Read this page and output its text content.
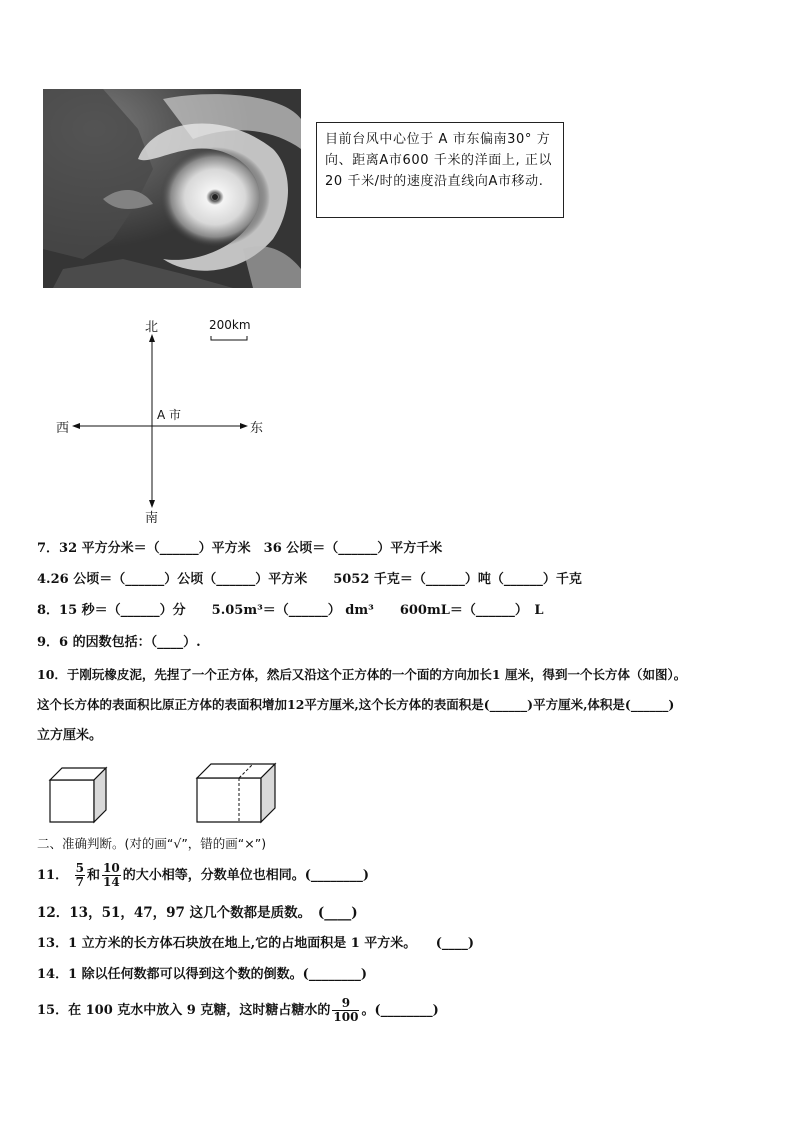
目前台风中心位于 A 市东偏南30° 方向、距离A市600 千米的洋面上, 正以 20 千米/时的速度沿直线向A市移动.
北
南
西	东
A 市
200km
7．32 平方分米＝（______）平方米　36 公顷＝（______）平方千米
4.26 公顷＝（______）公顷（______）平方米　　5052 千克＝（______）吨（______）千克
8．15 秒＝（______）分　　5.05m³＝（______） dm³　　600mL＝（______）　L
9．6 的因数包括：（____）.
10．于刚玩橡皮泥，先捏了一个正方体，然后又沿这个正方体的一个面的方向加长1 厘米，得到一个长方体（如图）。
这个长方体的表面积比原正方体的表面积增加12平方厘米,这个长方体的表面积是(______)平方厘米,体积是(______)
立方厘米。
二、准确判断。(对的画“√”，错的画“×”)
11． $\frac{5}{7}$ 和 $\frac{10}{14}$ 的大小相等，分数单位也相同。(________)
12．13，51，47，97 这几个数都是质数。　(____)
13．1 立方米的长方体石块放在地上,它的占地面积是 1 平方米。　　(____)
14．1 除以任何数都可以得到这个数的倒数。(________)
15．在 100 克水中放入 9 克糖，这时糖占糖水的 $\frac{9}{100}$ 。(________)
